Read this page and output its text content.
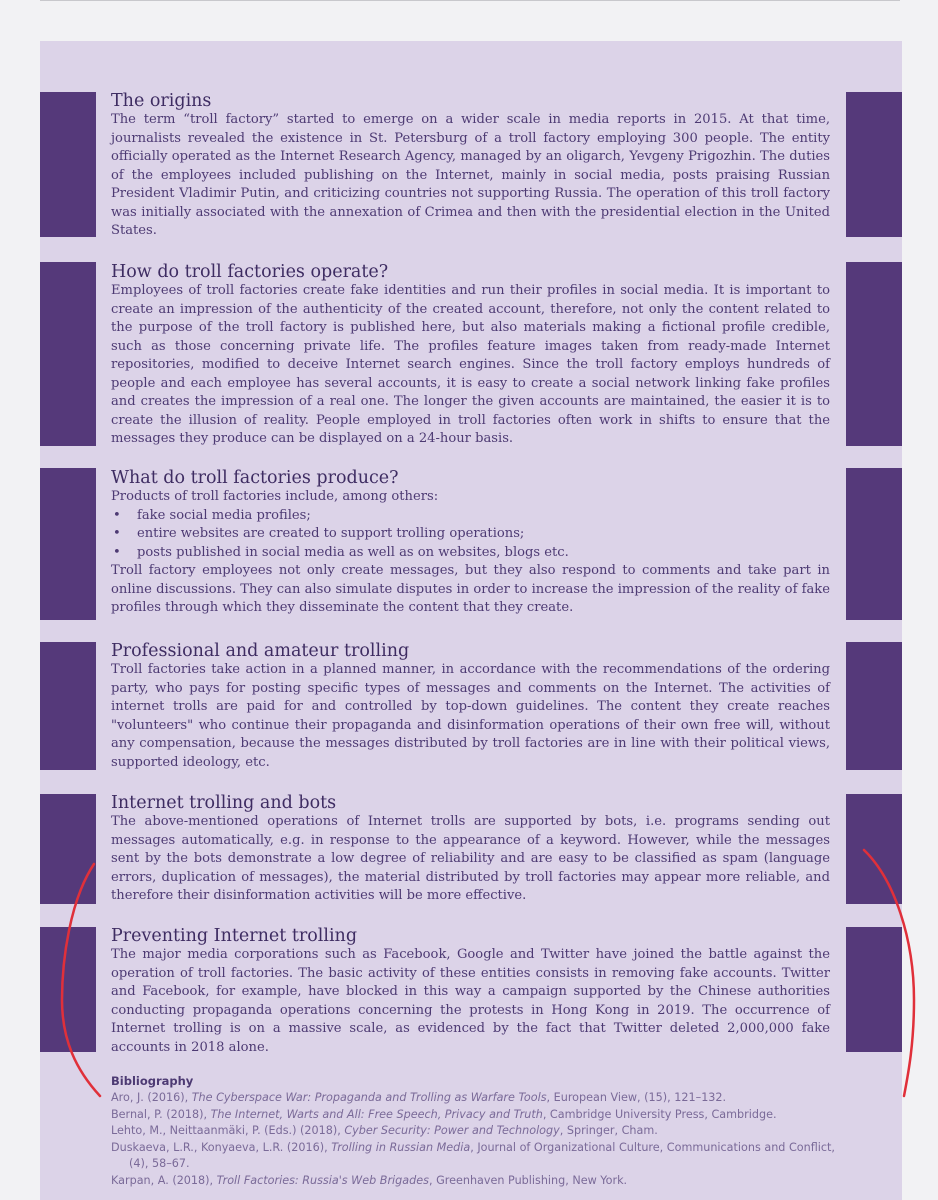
The origins

The term “troll factory” started to emerge on a wider scale in media reports in 2015. At that time, journalists revealed the existence in St. Petersburg of a troll factory employing 300 people. The entity officially operated as the Internet Research Agency, managed by an oligarch, Yevgeny Prigozhin. The duties of the employees included publishing on the Internet, mainly in social media, posts praising Russian President Vladimir Putin, and criticizing countries not supporting Russia. The operation of this troll factory was initially associated with the annexation of Crimea and then with the presidential election in the United States.

How do troll factories operate?

Employees of troll factories create fake identities and run their profiles in social media. It is important to create an impression of the authenticity of the created account, therefore, not only the content related to the purpose of the troll factory is published here, but also materials making a fictional profile credible, such as those concerning private life. The profiles feature images taken from ready-made Internet repositories, modified to deceive Internet search engines. Since the troll factory employs hundreds of people and each employee has several accounts, it is easy to create a social network linking fake profiles and creates the impression of a real one. The longer the given accounts are maintained, the easier it is to create the illusion of reality. People employed in troll factories often work in shifts to ensure that the messages they produce can be displayed on a 24-hour basis.

What do troll factories produce?

Products of troll factories include, among others:

• fake social media profiles;
• entire websites are created to support trolling operations;
• posts published in social media as well as on websites, blogs etc.

Troll factory employees not only create messages, but they also respond to comments and take part in online discussions. They can also simulate disputes in order to increase the impression of the reality of fake profiles through which they disseminate the content that they create.

Professional and amateur trolling

Troll factories take action in a planned manner, in accordance with the recommendations of the ordering party, who pays for posting specific types of messages and comments on the Internet. The activities of internet trolls are paid for and controlled by top-down guidelines. The content they create reaches "volunteers" who continue their propaganda and disinformation operations of their own free will, without any compensation, because the messages distributed by troll factories are in line with their political views, supported ideology, etc.

Internet trolling and bots

The above-mentioned operations of Internet trolls are supported by bots, i.e. programs sending out messages automatically, e.g. in response to the appearance of a keyword. However, while the messages sent by the bots demonstrate a low degree of reliability and are easy to be classified as spam (language errors, duplication of messages), the material distributed by troll factories may appear more reliable, and therefore their disinformation activities will be more effective.

Preventing Internet trolling

The major media corporations such as Facebook, Google and Twitter have joined the battle against the operation of troll factories. The basic activity of these entities consists in removing fake accounts. Twitter and Facebook, for example, have blocked in this way a campaign supported by the Chinese authorities conducting propaganda operations concerning the protests in Hong Kong in 2019. The occurrence of Internet trolling is on a massive scale, as evidenced by the fact that Twitter deleted 2,000,000 fake accounts in 2018 alone.

Bibliography
Aro, J. (2016), The Cyberspace War: Propaganda and Trolling as Warfare Tools, European View, (15), 121–132.
Bernal, P. (2018), The Internet, Warts and All: Free Speech, Privacy and Truth, Cambridge University Press, Cambridge.
Lehto, M., Neittaanmäki, P. (Eds.) (2018), Cyber Security: Power and Technology, Springer, Cham.
Duskaeva, L.R., Konyaeva, L.R. (2016), Trolling in Russian Media, Journal of Organizational Culture, Communications and Conflict, (4), 58–67.
Karpan, A. (2018), Troll Factories: Russia's Web Brigades, Greenhaven Publishing, New York.
